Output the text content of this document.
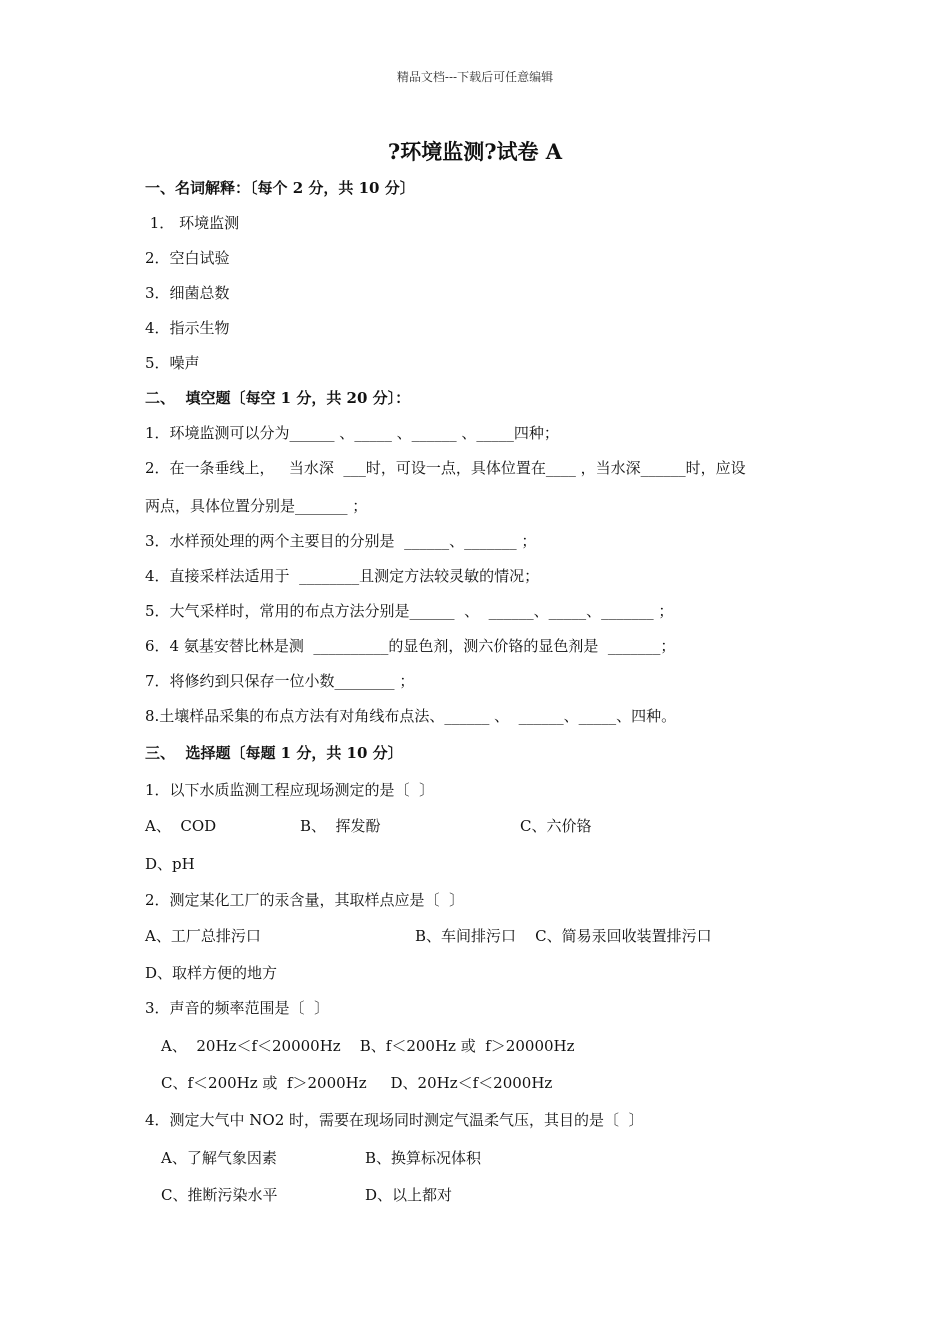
精品文档---下载后可任意编辑
?环境监测?试卷 A
一、名词解释：〔每个 2 分，共 10 分〕
1． 环境监测
2．空白试验
3．细菌总数
4．指示生物
5．噪声
二、  填空题〔每空 1 分，共 20 分〕：
1．环境监测可以分为______ 、_____ 、______ 、_____四种；
2．在一条垂线上，   当水深  ___时，可设一点，具体位置在____ ，当水深______时，应设
两点，具体位置分别是_______ ；
3．水样预处理的两个主要目的分别是  ______、_______ ；
4．直接采样法适用于  ________且测定方法较灵敏的情况；
5．大气采样时，常用的布点方法分别是______  、  ______、_____、_______ ；
6．4 氨基安替比林是测  __________的显色剂，测六价铬的显色剂是  _______；
7．将修约到只保存一位小数________ ；
8.土壤样品采集的布点方法有对角线布点法、______ 、  ______、_____、四种。
三、  选择题〔每题 1 分，共 10 分〕
1．以下水质监测工程应现场测定的是〔  〕
A、  COD	B、  挥发酚	C、六价铬
D、pH
2．测定某化工厂的汞含量，其取样点应是〔  〕
A、工厂总排污口	B、车间排污口    C、简易汞回收装置排污口
D、取样方便的地方
3．声音的频率范围是〔  〕
A、  20Hz＜f＜20000Hz    B、f＜200Hz 或  f＞20000Hz
C、f＜200Hz 或  f＞2000Hz     D、20Hz＜f＜2000Hz
4．测定大气中 NO2 时，需要在现场同时测定气温柔气压，其目的是〔  〕
A、了解气象因素	B、换算标况体积
C、推断污染水平	D、以上都对
